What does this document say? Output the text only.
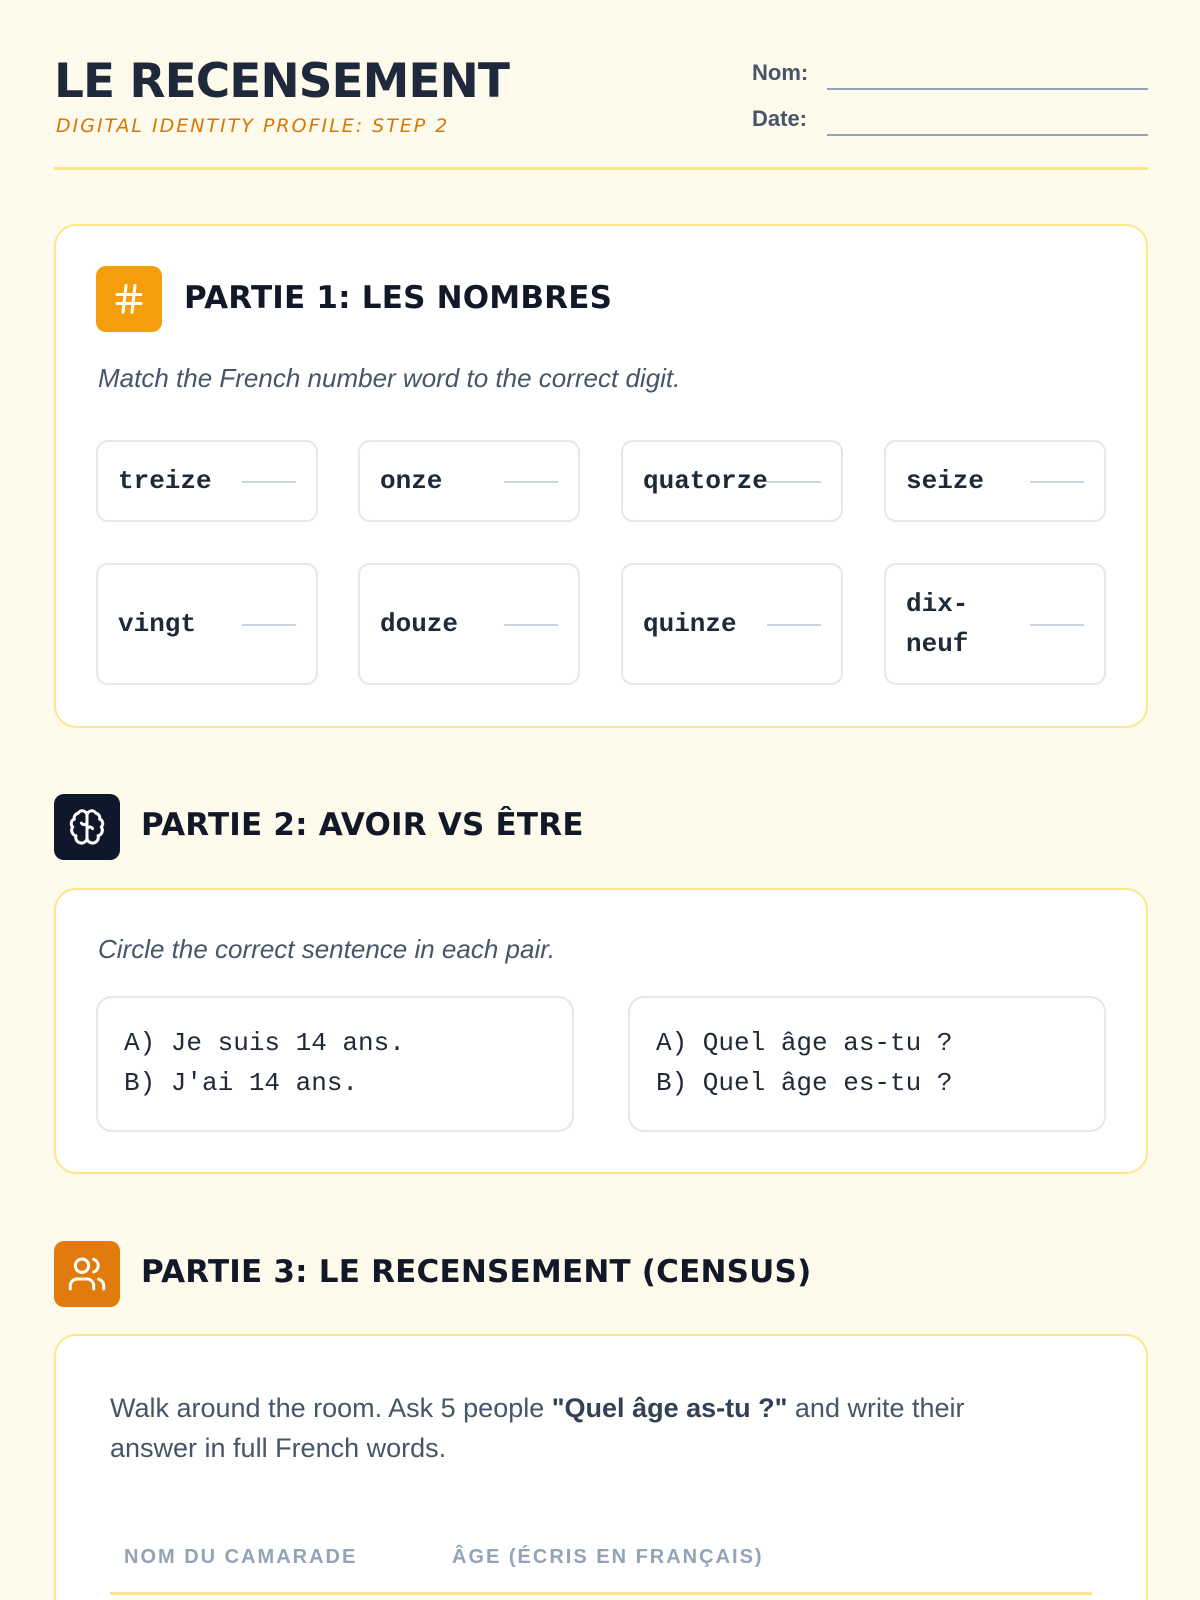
LE RECENSEMENT
DIGITAL IDENTITY PROFILE: STEP 2
Nom:
Date:
PARTIE 1: LES NOMBRES
Match the French number word to the correct digit.
treize	onze	quatorze	seize
vingt	douze	quinze
dix-neuf
PARTIE 2: AVOIR VS ÊTRE
Circle the correct sentence in each pair.
A) Je suis 14 ans.
B) J'ai 14 ans.
A) Quel âge as-tu ?
B) Quel âge es-tu ?
PARTIE 3: LE RECENSEMENT (CENSUS)
Walk around the room. Ask 5 people "Quel âge as-tu ?" and write their answer in full French words.
NOM DU CAMARADE	ÂGE (ÉCRIS EN FRANÇAIS)
